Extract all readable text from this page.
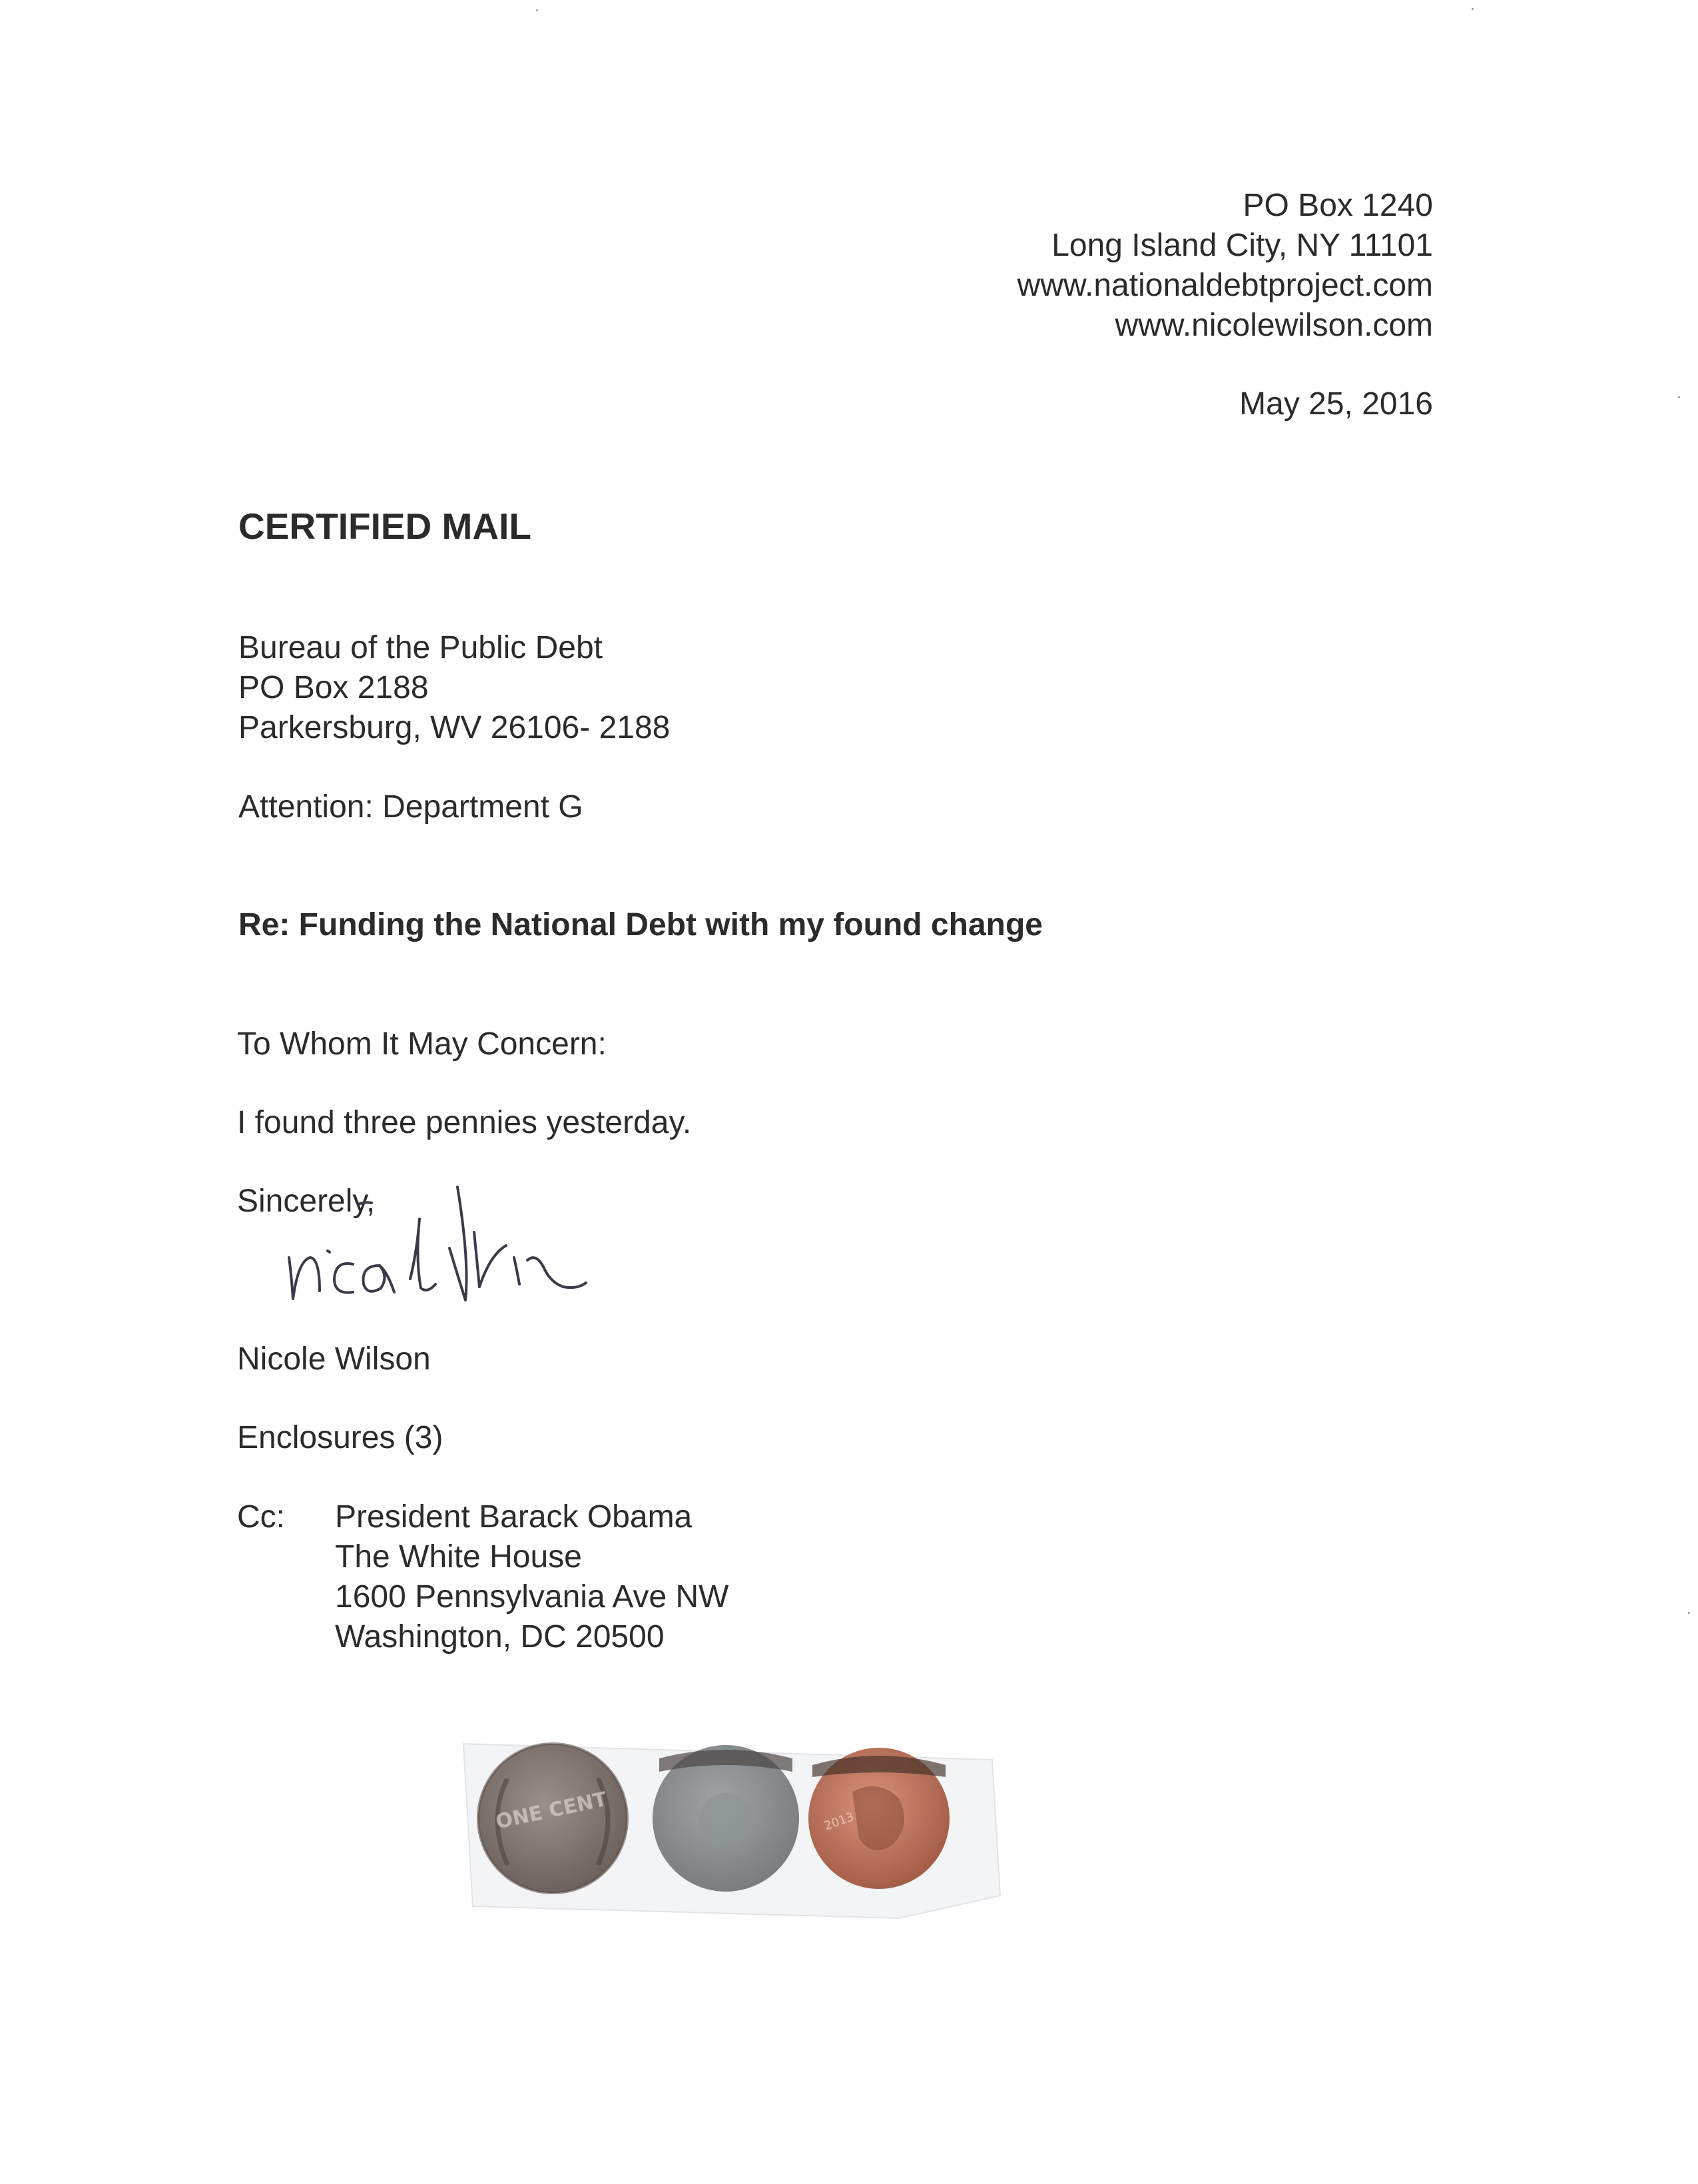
PO Box 1240
Long Island City, NY 11101
www.nationaldebtproject.com
www.nicolewilson.com
May 25, 2016
CERTIFIED MAIL
Bureau of the Public Debt
PO Box 2188
Parkersburg, WV 26106- 2188
Attention: Department G
Re: Funding the National Debt with my found change
To Whom It May Concern:
I found three pennies yesterday.
Sincerely,
Nicole Wilson
Enclosures (3)
Cc: President Barack Obama
The White House
1600 Pennsylvania Ave NW
Washington, DC 20500
ONE CENT	2013
